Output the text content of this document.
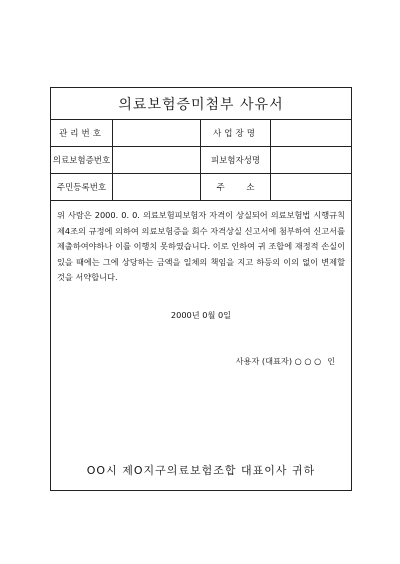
의료보험증미첨부 사유서
관리번호	사업장명
의료보험증번호	피보험자성명
주민등록번호	주        소
위 사람은 2000. 0. 0. 의료보험피보험자 자격이 상실되어 의료보험법 시행규칙 제4조의 규정에 의하여 의료보험증을 회수 자격상실 신고서에 첨부하여 신고서를 제출하여야하나 이를 이행치 못하였습니다. 이로 인하여 귀 조합에 재정적 손실이 있을 때에는 그에 상당하는 금액을 일체의 책임을 지고 하등의 이의 없이 변제할 것을 서약합니다.
2000년 0월 0일
사용자 (대표자) ○ ○ ○ 인
OO시 제O지구의료보험조합 대표이사 귀하
